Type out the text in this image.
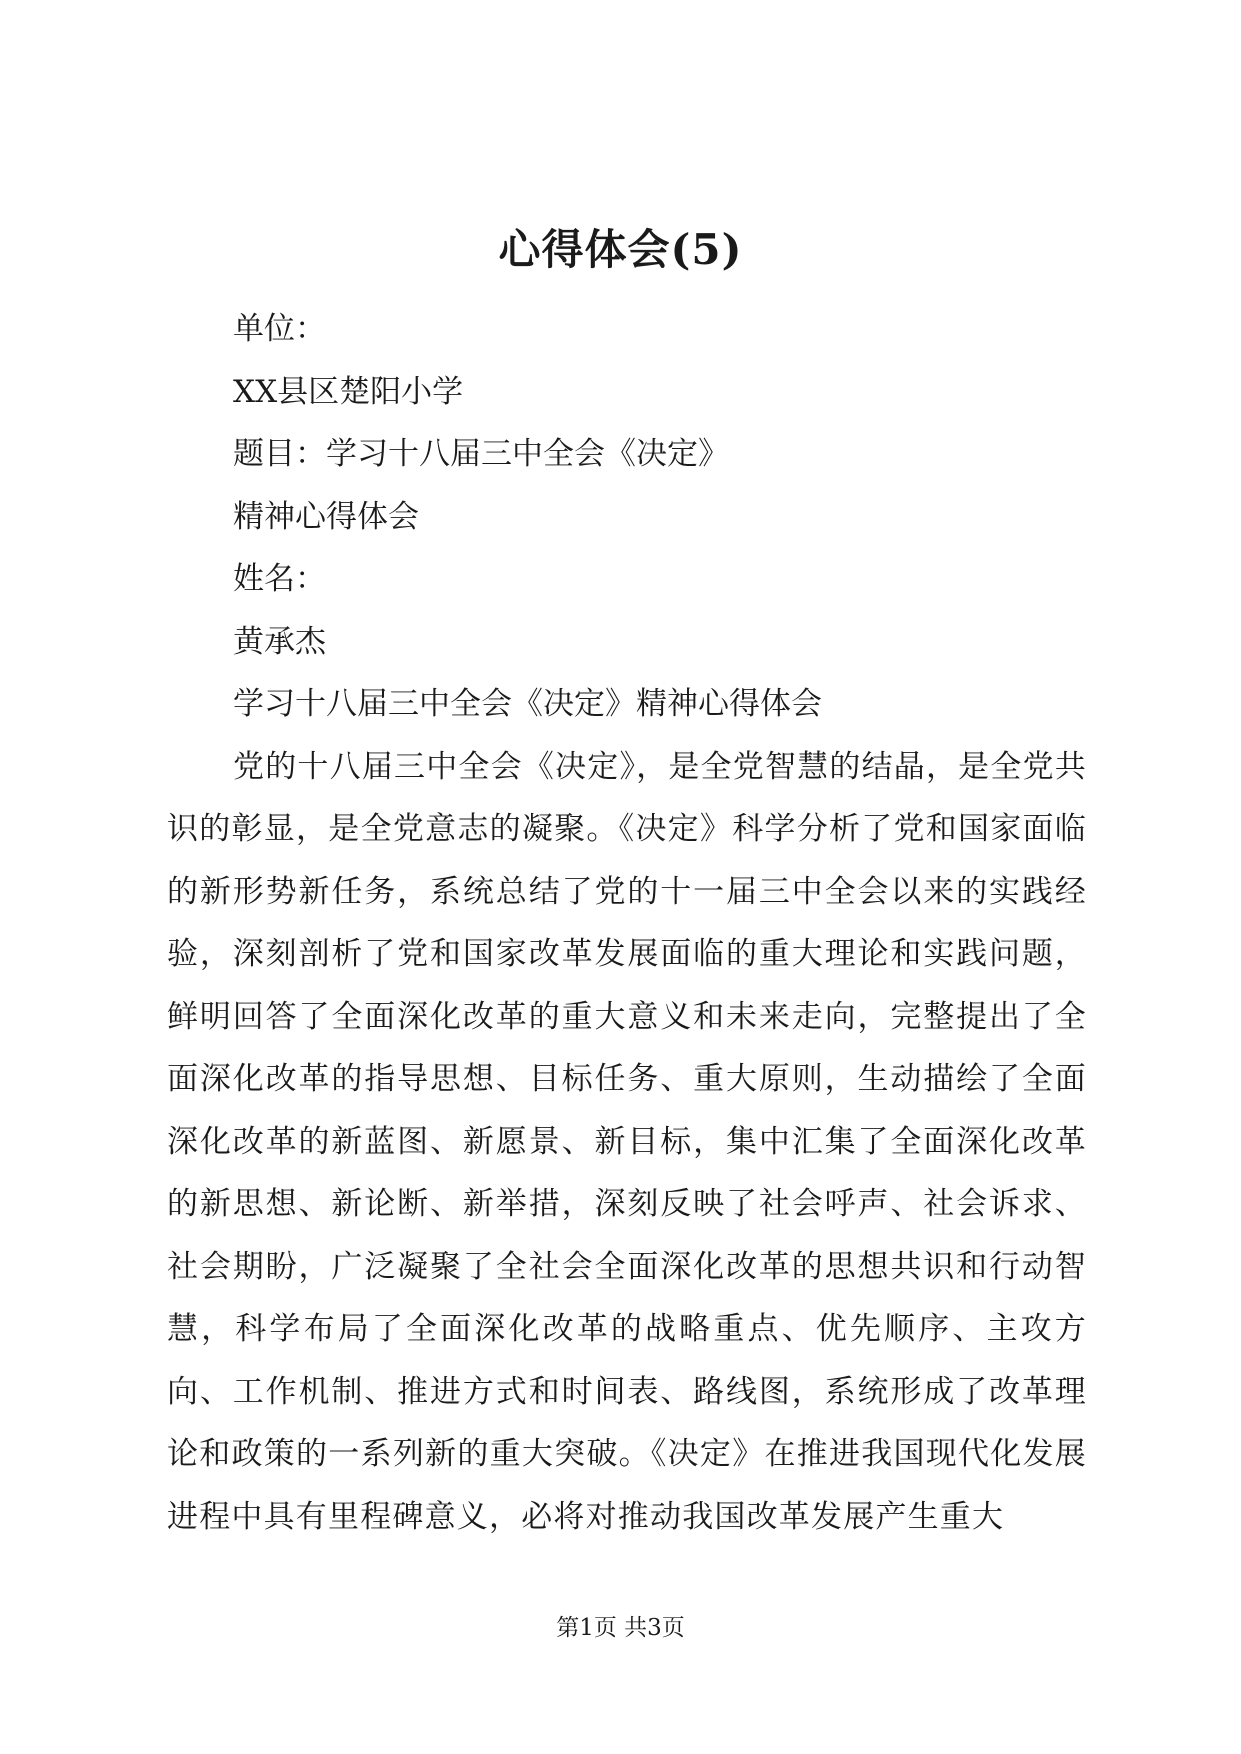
心得体会(5)
单位：
XX县区楚阳小学
题目：学习十八届三中全会《决定》
精神心得体会
姓名：
黄承杰
学习十八届三中全会《决定》精神心得体会

党的十八届三中全会《决定》，是全党智慧的结晶，是全党共识的彰显，是全党意志的凝聚。《决定》科学分析了党和国家面临的新形势新任务，系统总结了党的十一届三中全会以来的实践经验，深刻剖析了党和国家改革发展面临的重大理论和实践问题，鲜明回答了全面深化改革的重大意义和未来走向，完整提出了全面深化改革的指导思想、目标任务、重大原则，生动描绘了全面深化改革的新蓝图、新愿景、新目标，集中汇集了全面深化改革的新思想、新论断、新举措，深刻反映了社会呼声、社会诉求、社会期盼，广泛凝聚了全社会全面深化改革的思想共识和行动智慧，科学布局了全面深化改革的战略重点、优先顺序、主攻方向、工作机制、推进方式和时间表、路线图，系统形成了改革理论和政策的一系列新的重大突破。《决定》在推进我国现代化发展进程中具有里程碑意义，必将对推动我国改革发展产生重大

第1页 共3页
